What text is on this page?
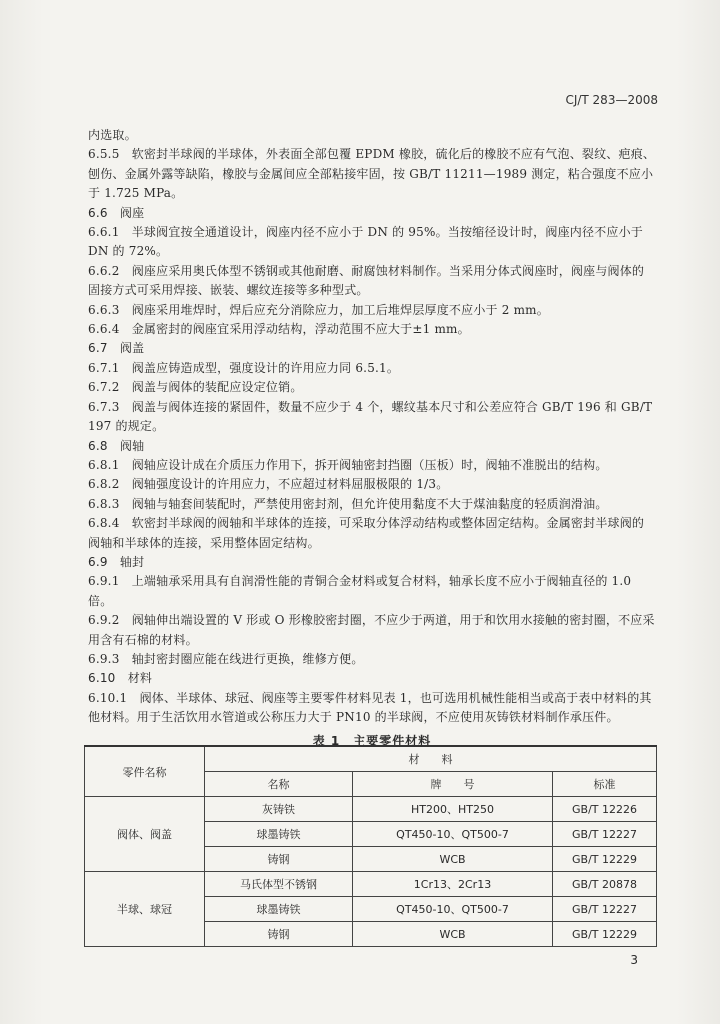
CJ/T 283—2008

内选取。

6.5.5　软密封半球阀的半球体，外表面全部包覆 EPDM 橡胶，硫化后的橡胶不应有气泡、裂纹、疤痕、刨伤、金属外露等缺陷，橡胶与金属间应全部粘接牢固，按 GB/T 11211—1989 测定，粘合强度不应小于 1.725 MPa。

6.6　阀座

6.6.1　半球阀宜按全通道设计，阀座内径不应小于 DN 的 95%。当按缩径设计时，阀座内径不应小于 DN 的 72%。

6.6.2　阀座应采用奥氏体型不锈钢或其他耐磨、耐腐蚀材料制作。当采用分体式阀座时，阀座与阀体的固接方式可采用焊接、嵌装、螺纹连接等多种型式。

6.6.3　阀座采用堆焊时，焊后应充分消除应力，加工后堆焊层厚度不应小于 2 mm。

6.6.4　金属密封的阀座宜采用浮动结构，浮动范围不应大于±1 mm。

6.7　阀盖

6.7.1　阀盖应铸造成型，强度设计的许用应力同 6.5.1。

6.7.2　阀盖与阀体的装配应设定位销。

6.7.3　阀盖与阀体连接的紧固件，数量不应少于 4 个，螺纹基本尺寸和公差应符合 GB/T 196 和 GB/T 197 的规定。

6.8　阀轴

6.8.1　阀轴应设计成在介质压力作用下，拆开阀轴密封挡圈（压板）时，阀轴不准脱出的结构。

6.8.2　阀轴强度设计的许用应力，不应超过材料屈服极限的 1/3。

6.8.3　阀轴与轴套间装配时，严禁使用密封剂，但允许使用黏度不大于煤油黏度的轻质润滑油。

6.8.4　软密封半球阀的阀轴和半球体的连接，可采取分体浮动结构或整体固定结构。金属密封半球阀的阀轴和半球体的连接，采用整体固定结构。

6.9　轴封

6.9.1　上端轴承采用具有自润滑性能的青铜合金材料或复合材料，轴承长度不应小于阀轴直径的 1.0 倍。

6.9.2　阀轴伸出端设置的 V 形或 O 形橡胶密封圈，不应少于两道，用于和饮用水接触的密封圈，不应采用含有石棉的材料。

6.9.3　轴封密封圈应能在线进行更换，维修方便。

6.10　材料

6.10.1　阀体、半球体、球冠、阀座等主要零件材料见表 1，也可选用机械性能相当或高于表中材料的其他材料。用于生活饮用水管道或公称压力大于 PN10 的半球阀，不应使用灰铸铁材料制作承压件。

表 1　主要零件材料
零件名称	材　　料		
	名称	牌　　号	标准
阀体、阀盖	灰铸铁	HT200、HT250	GB/T 12226
	球墨铸铁	QT450-10、QT500-7	GB/T 12227
	铸钢	WCB	GB/T 12229
半球、球冠	马氏体型不锈钢	1Cr13、2Cr13	GB/T 20878
	球墨铸铁	QT450-10、QT500-7	GB/T 12227
	铸钢	WCB	GB/T 12229
3
